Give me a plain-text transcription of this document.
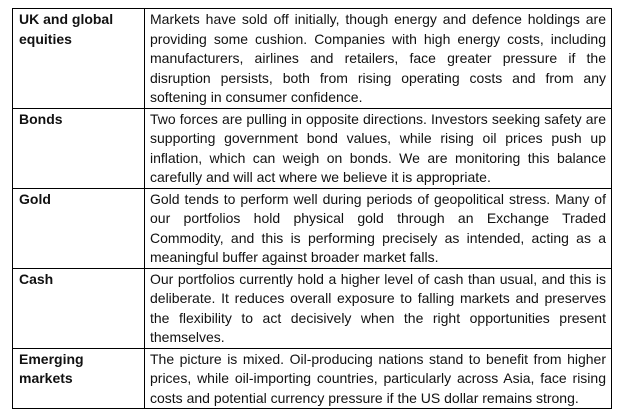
UK and global equities	Markets have sold off initially, though energy and defence holdings are providing some cushion. Companies with high energy costs, including manufacturers, airlines and retailers, face greater pressure if the disruption persists, both from rising operating costs and from any softening in consumer confidence.
Bonds	Two forces are pulling in opposite directions. Investors seeking safety are supporting government bond values, while rising oil prices push up inflation, which can weigh on bonds. We are monitoring this balance carefully and will act where we believe it is appropriate.
Gold	Gold tends to perform well during periods of geopolitical stress. Many of our portfolios hold physical gold through an Exchange Traded Commodity, and this is performing precisely as intended, acting as a meaningful buffer against broader market falls.
Cash	Our portfolios currently hold a higher level of cash than usual, and this is deliberate. It reduces overall exposure to falling markets and preserves the flexibility to act decisively when the right opportunities present themselves.
Emerging markets	The picture is mixed. Oil-producing nations stand to benefit from higher prices, while oil-importing countries, particularly across Asia, face rising costs and potential currency pressure if the US dollar remains strong.
